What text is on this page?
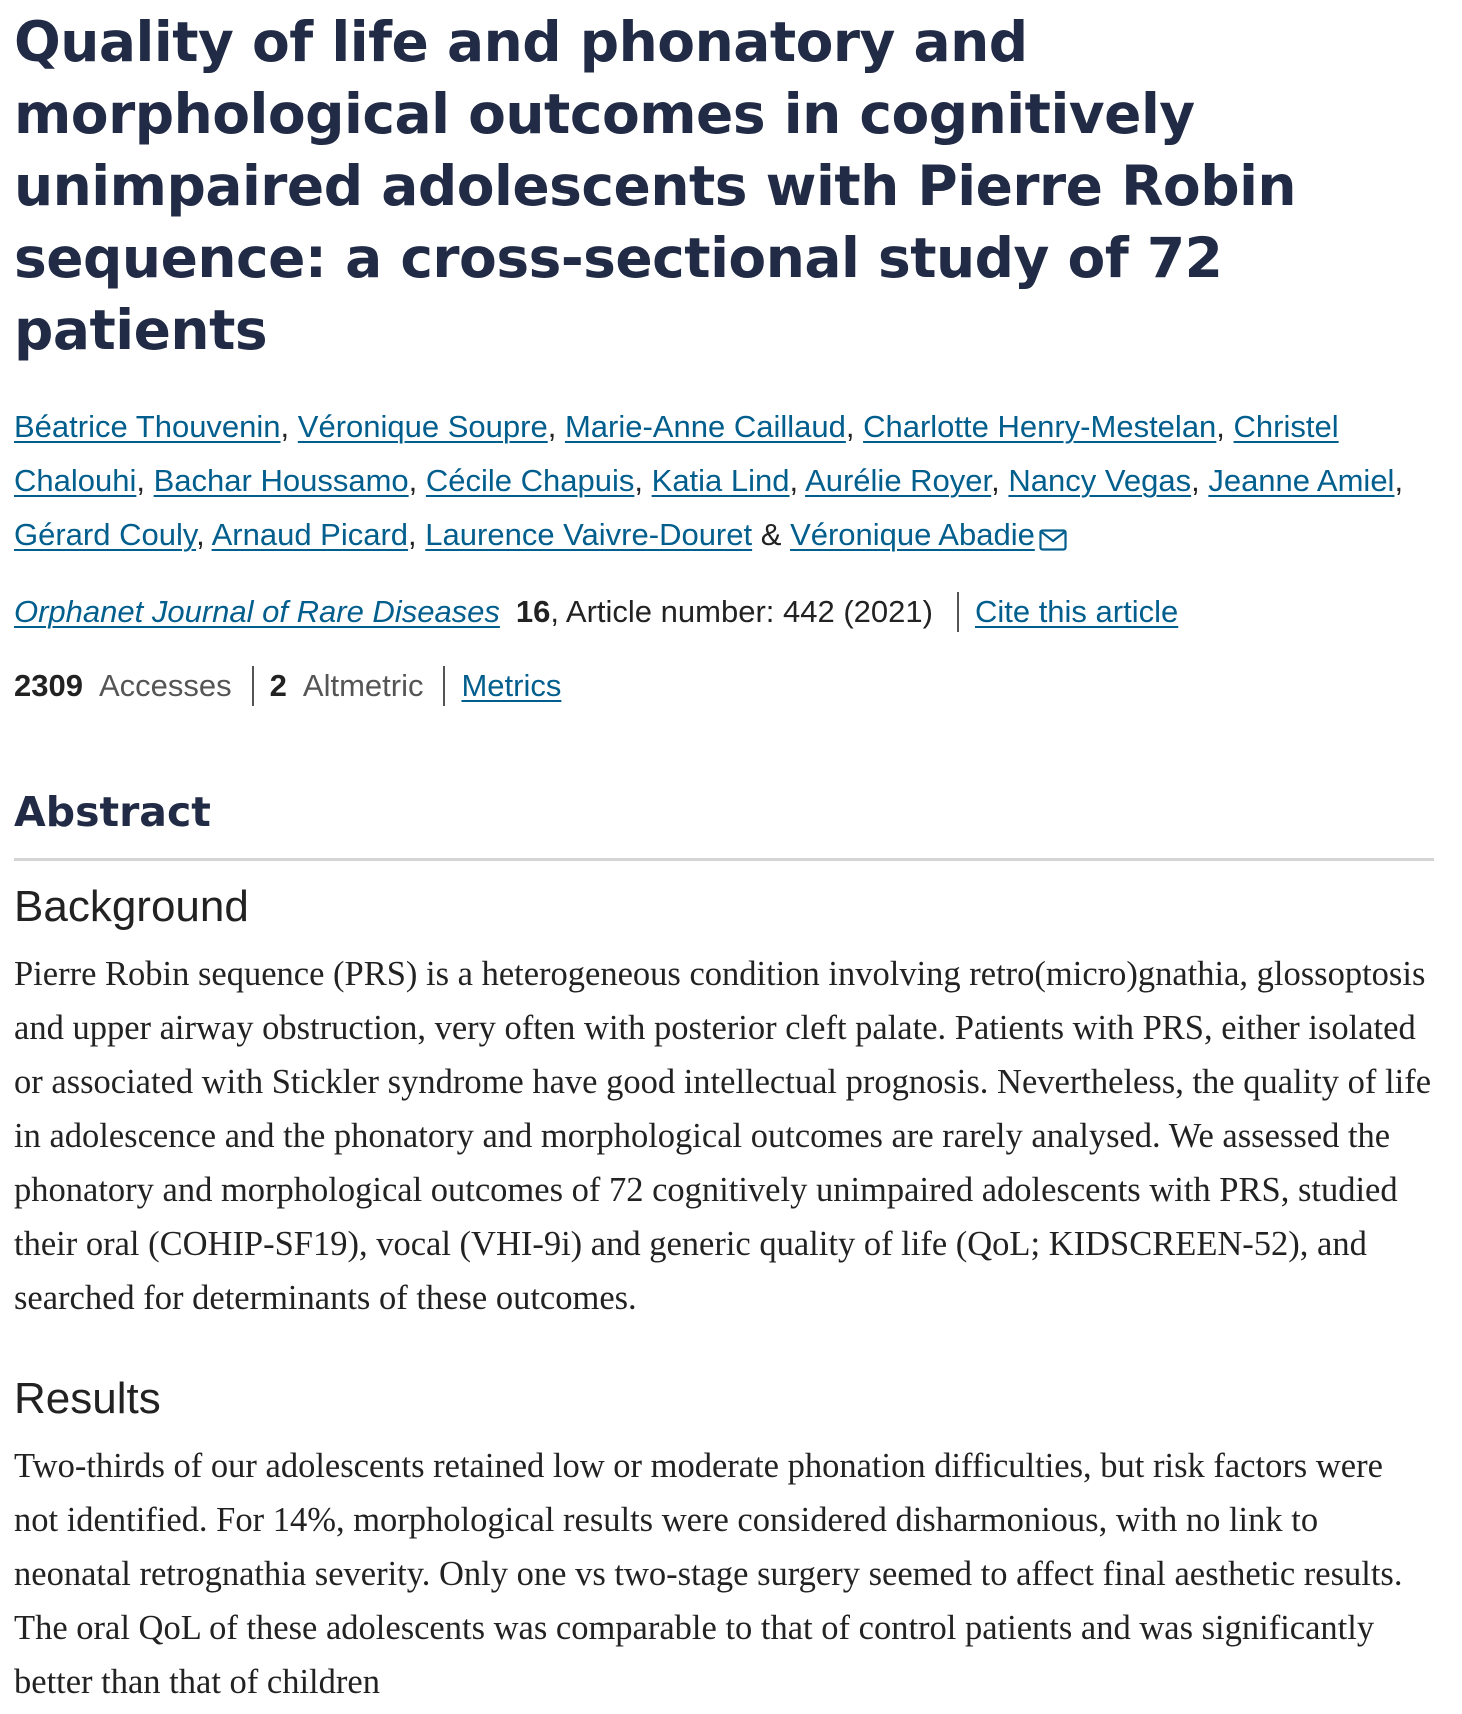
Quality of life and phonatory and morphological outcomes in cognitively unimpaired adolescents with Pierre Robin sequence: a cross-sectional study of 72 patients
Béatrice Thouvenin, Véronique Soupre, Marie-Anne Caillaud, Charlotte Henry-Mestelan, Christel Chalouhi, Bachar Houssamo, Cécile Chapuis, Katia Lind, Aurélie Royer, Nancy Vegas, Jeanne Amiel, Gérard Couly, Arnaud Picard, Laurence Vaivre-Douret & Véronique Abadie
Orphanet Journal of Rare Diseases 16 , Article number: 442 (2021) Cite this article
2309 Accesses 2 Altmetric Metrics
Abstract
Background

Pierre Robin sequence (PRS) is a heterogeneous condition involving retro(micro)gnathia, glossoptosis and upper airway obstruction, very often with posterior cleft palate. Patients with PRS, either isolated or associated with Stickler syndrome have good intellectual prognosis. Nevertheless, the quality of life in adolescence and the phonatory and morphological outcomes are rarely analysed. We assessed the phonatory and morphological outcomes of 72 cognitively unimpaired adolescents with PRS, studied their oral (COHIP-SF19), vocal (VHI-9i) and generic quality of life (QoL; KIDSCREEN-52), and searched for determinants of these outcomes.

Results

Two-thirds of our adolescents retained low or moderate phonation difficulties, but risk factors were not identified. For 14%, morphological results were considered disharmonious, with no link to neonatal retrognathia severity. Only one vs two-stage surgery seemed to affect final aesthetic results. The oral QoL of these adolescents was comparable to that of control patients and was significantly better than that of children
